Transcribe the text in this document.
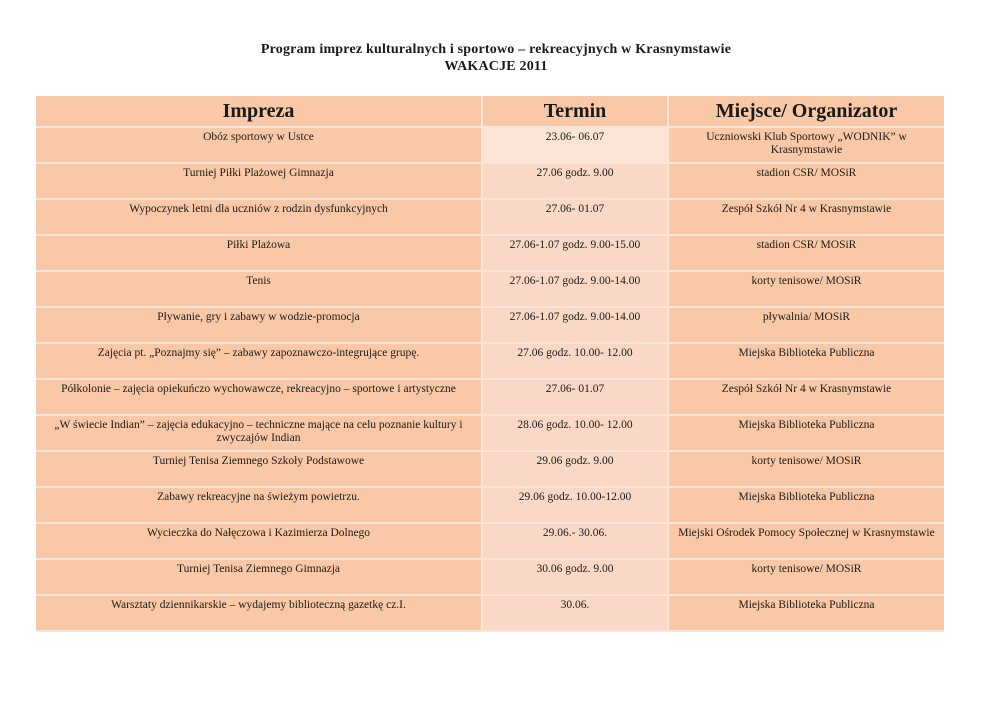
Program imprez kulturalnych i sportowo – rekreacyjnych w Krasnymstawie
WAKACJE 2011
Impreza	Termin	Miejsce/ Organizator
Obóz sportowy w Ustce	23.06- 06.07	Uczniowski Klub Sportowy „WODNIK” w Krasnymstawie
Turniej Piłki Plażowej Gimnazja	27.06 godz. 9.00	stadion CSR/ MOSiR
Wypoczynek letni dla uczniów z rodzin dysfunkcyjnych	27.06- 01.07	Zespół Szkół Nr 4 w Krasnymstawie
Piłki Plażowa	27.06-1.07 godz. 9.00-15.00	stadion CSR/ MOSiR
Tenis	27.06-1.07 godz. 9.00-14.00	korty tenisowe/ MOSiR
Pływanie, gry i zabawy w wodzie-promocja	27.06-1.07 godz. 9.00-14.00	pływalnia/ MOSiR
Zajęcia pt. „Poznajmy się” – zabawy zapoznawczo-integrujące grupę.	27.06 godz. 10.00- 12.00	Miejska Biblioteka Publiczna
Półkolonie – zajęcia opiekuńczo wychowawcze, rekreacyjno – sportowe i artystyczne	27.06- 01.07	Zespół Szkół Nr 4 w Krasnymstawie
„W świecie Indian” – zajęcia edukacyjno – techniczne mające na celu poznanie kultury i zwyczajów Indian	28.06 godz. 10.00- 12.00	Miejska Biblioteka Publiczna
Turniej Tenisa Ziemnego Szkoły Podstawowe	29.06 godz. 9.00	korty tenisowe/ MOSiR
Zabawy rekreacyjne na świeżym powietrzu.	29.06 godz. 10.00-12.00	Miejska Biblioteka Publiczna
Wycieczka do Nałęczowa i Kazimierza Dolnego	29.06.- 30.06.	Miejski Ośrodek Pomocy Społecznej w Krasnymstawie
Turniej Tenisa Ziemnego Gimnazja	30.06 godz. 9.00	korty tenisowe/ MOSiR
Warsztaty dziennikarskie – wydajemy biblioteczną gazetkę cz.I.	30.06.	Miejska Biblioteka Publiczna
